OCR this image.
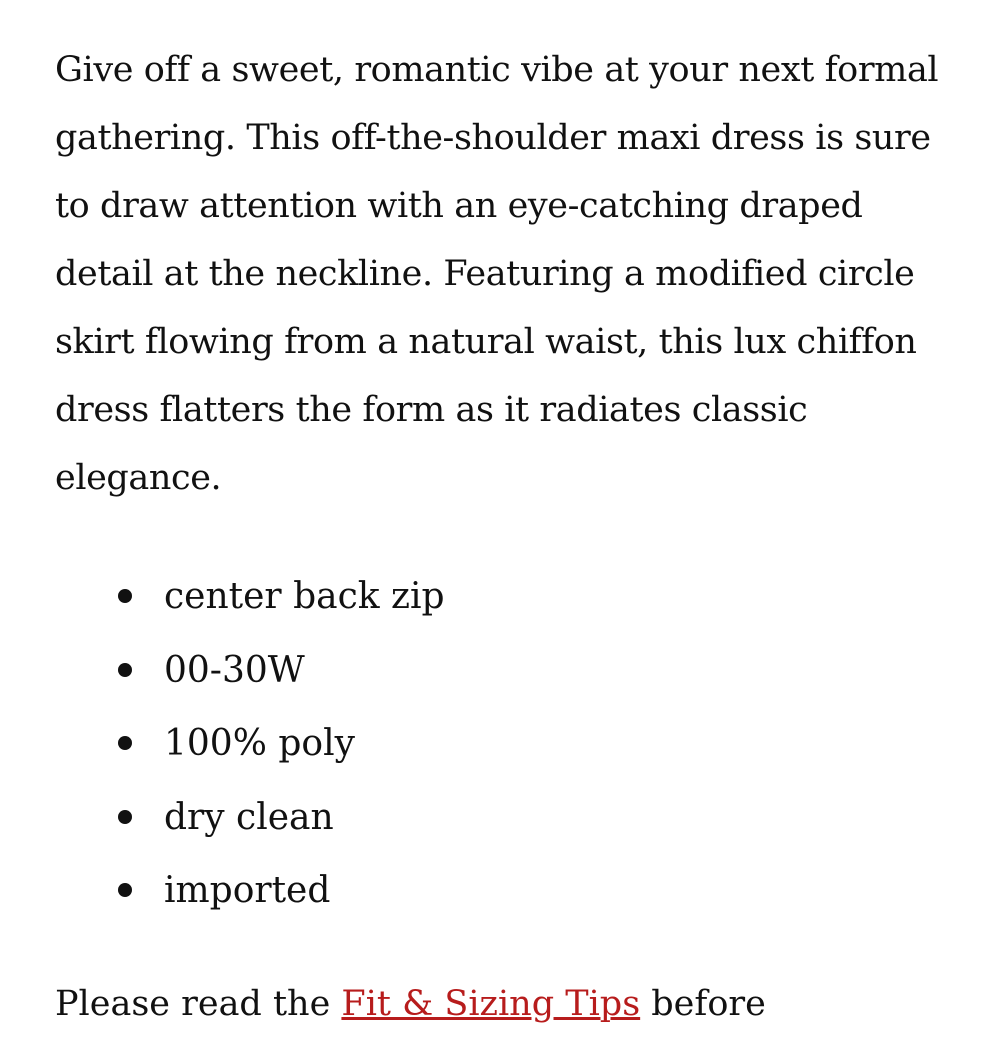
Give off a sweet, romantic vibe at your next formal gathering. This off-the-shoulder maxi dress is sure to draw attention with an eye-catching draped detail at the neckline. Featuring a modified circle skirt flowing from a natural waist, this lux chiffon dress flatters the form as it radiates classic elegance.

center back zip
00-30W
100% poly
dry clean
imported

Please read the Fit & Sizing Tips before
